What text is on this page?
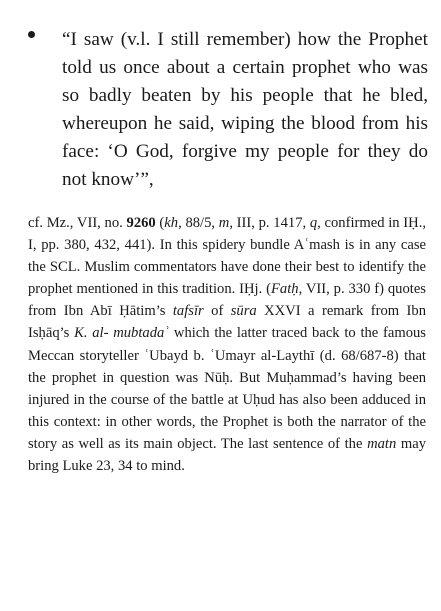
“I saw (v.l. I still remember) how the Prophet told us once about a certain prophet who was so badly beaten by his people that he bled, whereupon he said, wiping the blood from his face: ‘O God, forgive my people for they do not know’”,

cf. Mz., VII, no. 9260 (kh, 88/5, m, III, p. 1417, q, confirmed in IḤ., I, pp. 380, 432, 441). In this spidery bundle Aʿmash is in any case the SCL. Muslim commentators have done their best to identify the prophet mentioned in this tradition. IḤj. (Fatḥ, VII, p. 330 f) quotes from Ibn Abī Ḥātim’s tafsīr of sūra XXVI a remark from Ibn Isḥāq’s K. al- mubtadaʾ which the latter traced back to the famous Meccan storyteller ʿUbayd b. ʿUmayr al-Laythī (d. 68/687-8) that the prophet in question was Nūḥ. But Muḥammad’s having been injured in the course of the battle at Uḥud has also been adduced in this context: in other words, the Prophet is both the narrator of the story as well as its main object. The last sentence of the matn may bring Luke 23, 34 to mind.
